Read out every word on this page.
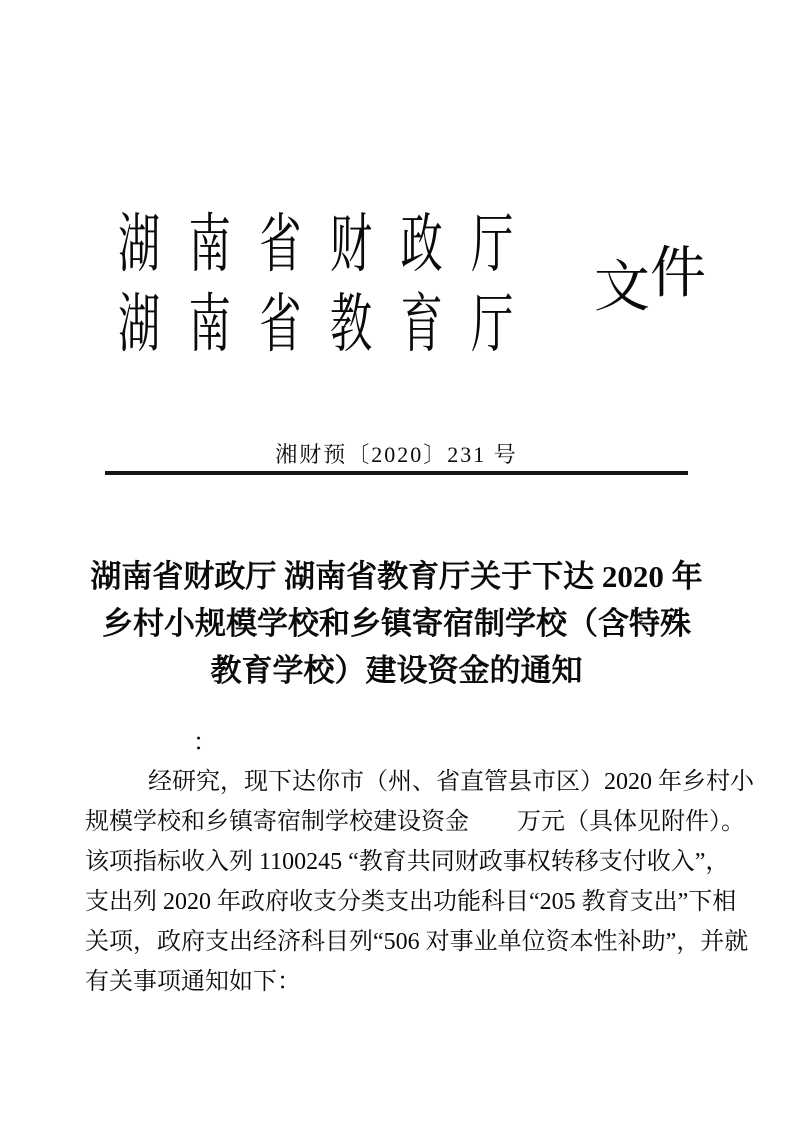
湖南省财政厅
湖南省教育厅
文件
湘财预〔2020〕231 号
湖南省财政厅 湖南省教育厅关于下达 2020 年
乡村小规模学校和乡镇寄宿制学校（含特殊
教育学校）建设资金的通知
：
经研究，现下达你市（州、省直管县市区）2020 年乡村小
规模学校和乡镇寄宿制学校建设资金　　万元（具体见附件）。
该项指标收入列 1100245 “教育共同财政事权转移支付收入”，
支出列 2020 年政府收支分类支出功能科目“205 教育支出”下相
关项，政府支出经济科目列“506 对事业单位资本性补助”，并就
有关事项通知如下：
